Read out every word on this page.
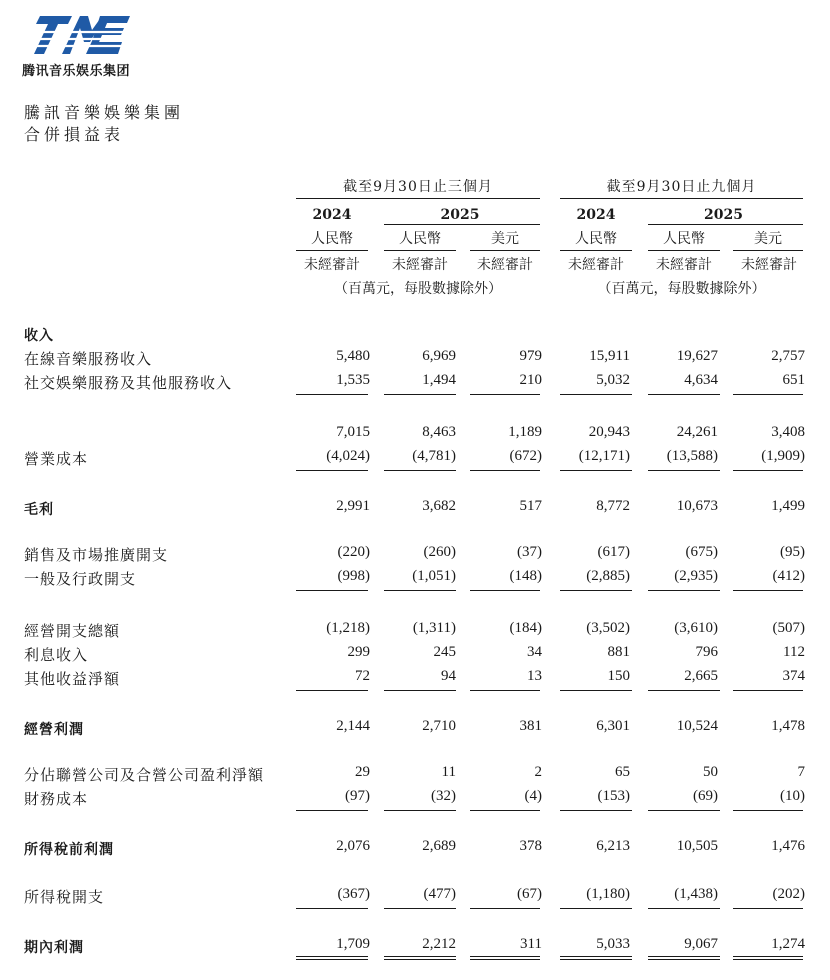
腾讯音乐娱乐集团
騰訊音樂娛樂集團
合併損益表
截至9月30日止三個月	截至9月30日止九個月
2024	2025	2024	2025
人民幣	人民幣	美元	人民幣	人民幣	美元
未經審計	未經審計	未經審計	未經審計	未經審計	未經審計
（百萬元，每股數據除外）	（百萬元，每股數據除外）
收入
在線音樂服務收入	5,480	6,969	979	15,911	19,627	2,757
社交娛樂服務及其他服務收入	1,535	1,494	210	5,032	4,634	651
7,015	8,463	1,189	20,943	24,261	3,408
營業成本	(4,024)	(4,781)	(672)	(12,171)	(13,588)	(1,909)
毛利	2,991	3,682	517	8,772	10,673	1,499
銷售及市場推廣開支	(220)	(260)	(37)	(617)	(675)	(95)
一般及行政開支	(998)	(1,051)	(148)	(2,885)	(2,935)	(412)
經營開支總額	(1,218)	(1,311)	(184)	(3,502)	(3,610)	(507)
利息收入	299	245	34	881	796	112
其他收益淨額	72	94	13	150	2,665	374
經營利潤	2,144	2,710	381	6,301	10,524	1,478
分佔聯營公司及合營公司盈利淨額	29	11	2	65	50	7
財務成本	(97)	(32)	(4)	(153)	(69)	(10)
所得稅前利潤	2,076	2,689	378	6,213	10,505	1,476
所得稅開支	(367)	(477)	(67)	(1,180)	(1,438)	(202)
期內利潤	1,709	2,212	311	5,033	9,067	1,274
